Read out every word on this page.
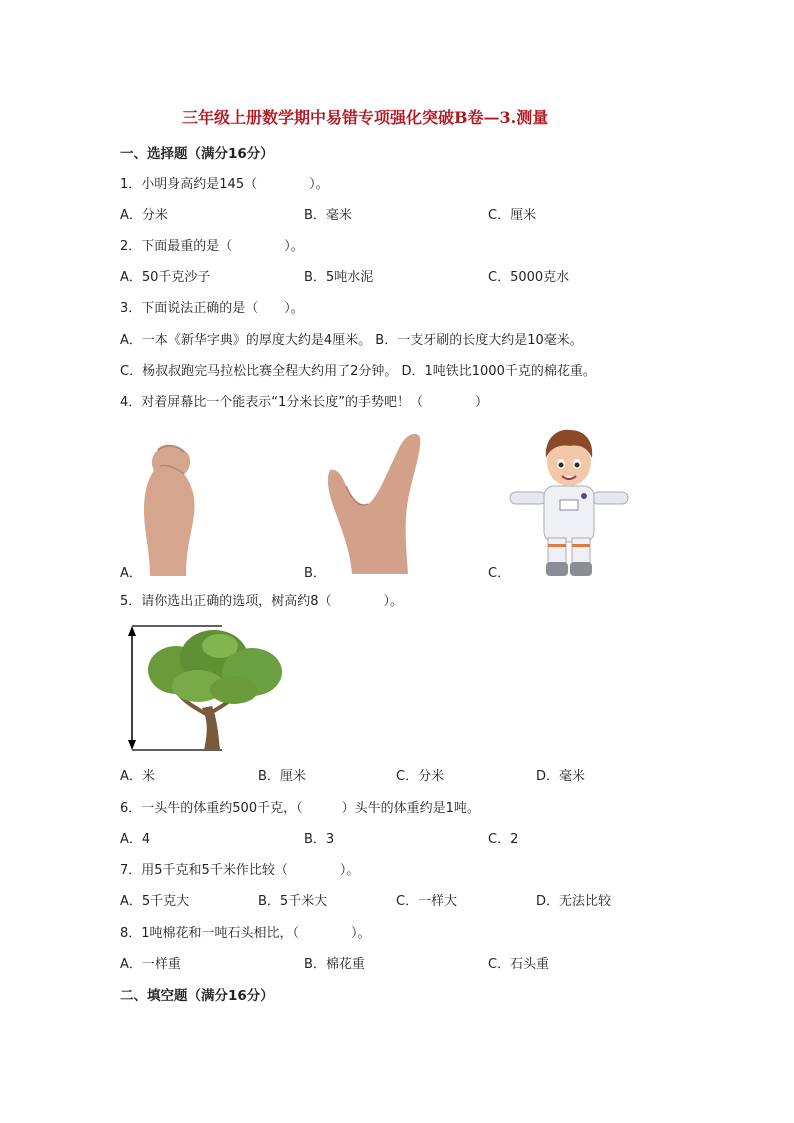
三年级上册数学期中易错专项强化突破B卷—3.测量
一、选择题（满分16分）
1．小明身高约是145（　　　　）。
A．分米	B．毫米	C．厘米
2．下面最重的是（　　　　）。
A．50千克沙子	B．5吨水泥	C．5000克水
3．下面说法正确的是（　　）。
A．一本《新华字典》的厚度大约是4厘米。 B．一支牙刷的长度大约是10毫米。
C．杨叔叔跑完马拉松比赛全程大约用了2分钟。 D．1吨铁比1000千克的棉花重。
4．对着屏幕比一个能表示“1分米长度”的手势吧！（　　　　）
A．	B．	C．
5．请你选出正确的选项，树高约8（　　　　）。
A．米	B．厘米	C．分米	D．毫米
6．一头牛的体重约500千克，（　　　）头牛的体重约是1吨。
A．4	B．3	C．2
7．用5千克和5千米作比较（　　　　）。
A．5千克大	B．5千米大	C．一样大	D．无法比较
8．1吨棉花和一吨石头相比，（　　　　）。
A．一样重	B．棉花重	C．石头重
二、填空题（满分16分）
